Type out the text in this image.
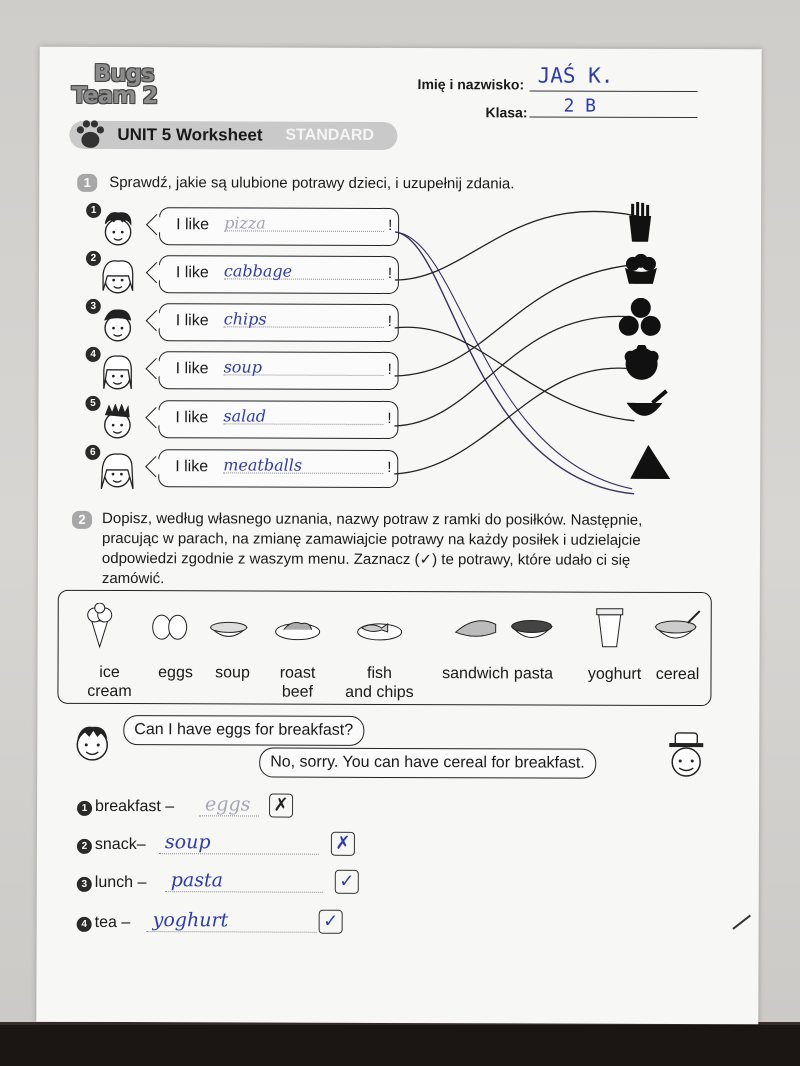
Bugs
Team 2	Imię i nazwisko: JAŚ K.
Klasa: 2 B
UNIT 5 Worksheet STANDARD
1	Sprawdź, jakie są ulubione potrawy dzieci, i uzupełnij zdania.
1
I like pizza	!
2
I like cabbage	!
3
I like chips	!
4
I like soup	!
5
I like salad	!
6
I like meatballs	!
2	Dopisz, według własnego uznania, nazwy potraw z ramki do posiłków. Następnie,
pracując w parach, na zmianę zamawiajcie potrawy na każdy posiłek i udzielajcie
odpowiedzi zgodnie z waszym menu. Zaznacz (✓) te potrawy, które udało ci się
zamówić.
ice
cream
eggs	soup	roast
beef
fish
and chips
sandwich pasta	yoghurt cereal
Can I have eggs for breakfast?
No, sorry. You can have cereal for breakfast.
1 breakfast – eggs ✗
2 snack– soup	✗
3 lunch – pasta	✓
4 tea – yoghurt	✓
